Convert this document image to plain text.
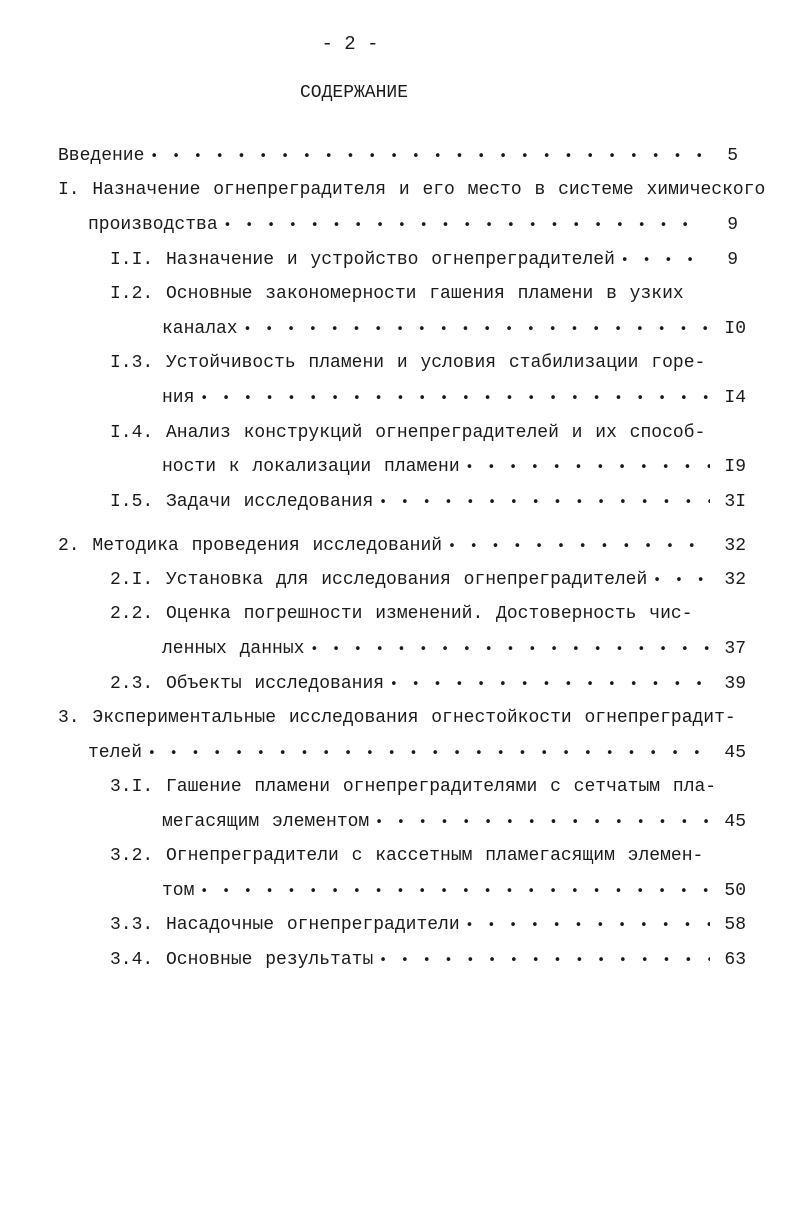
- 2 -
СОДЕРЖАНИЕ
Введение • • •	5
I. Назначение огнепреградителя и его место в системе химического
производства • • •	9
I.I. Назначение и устройство огнепреградителей • • •	9
I.2. Основные закономерности гашения пламени в узких
каналах • • •	I0
I.3. Устойчивость пламени и условия стабилизации горе-
ния • • •	I4
I.4. Анализ конструкций огнепреградителей и их способ-
ности к локализации пламени • • •	I9
I.5. Задачи исследования • • •	3I
2. Методика проведения исследований • • •	32
2.I. Установка для исследования огнепреградителей • • •	32
2.2. Оценка погрешности изменений. Достоверность чис-
ленных данных • • •	37
2.3. Объекты исследования • • •	39
3. Экспериментальные исследования огнестойкости огнепреградит-
телей • • •	45
3.I. Гашение пламени огнепреградителями с сетчатым пла-
мегасящим элементом • • •	45
3.2. Огнепреградители с кассетным пламегасящим элемен-
том • • •	50
3.3. Насадочные огнепреградители • • •	58
3.4. Основные результаты • • •	63
